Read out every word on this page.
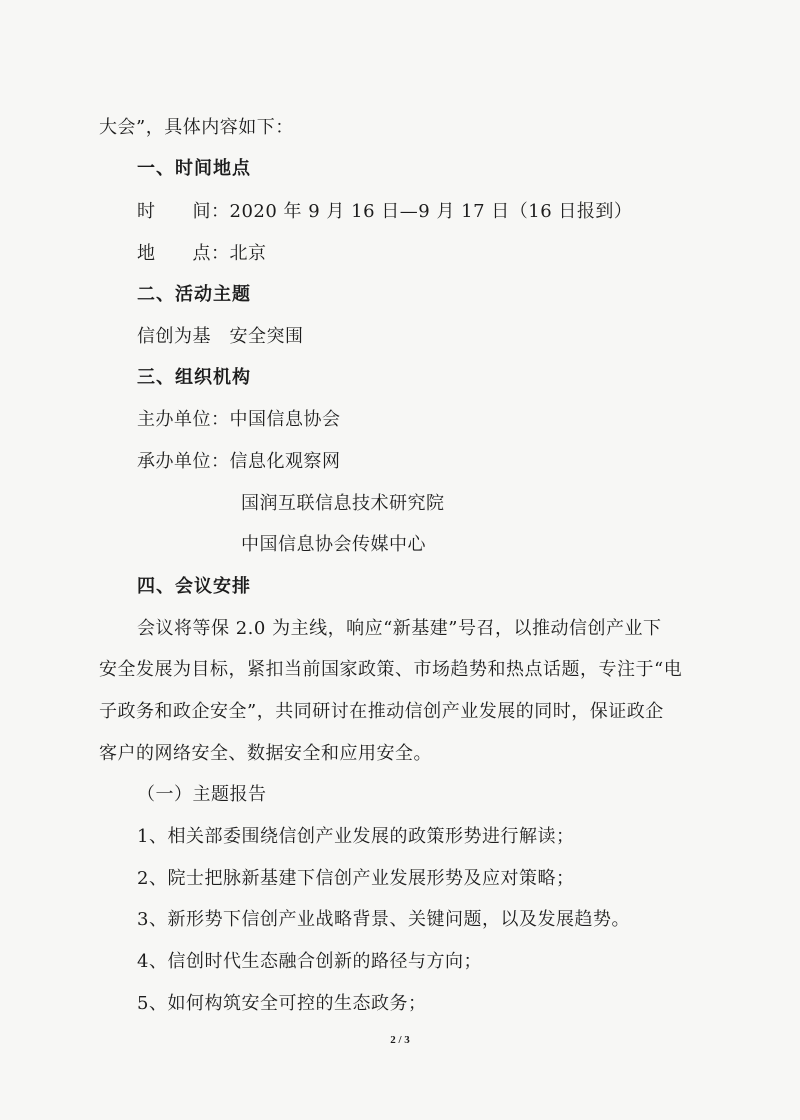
大会”，具体内容如下：
一、时间地点
时　　间：2020 年 9 月 16 日—9 月 17 日（16 日报到）
地　　点：北京
二、活动主题
信创为基　安全突围
三、组织机构
主办单位：中国信息协会
承办单位：信息化观察网
国润互联信息技术研究院
中国信息协会传媒中心
四、会议安排
会议将等保 2.0 为主线，响应“新基建”号召，以推动信创产业下
安全发展为目标，紧扣当前国家政策、市场趋势和热点话题，专注于“电
子政务和政企安全”，共同研讨在推动信创产业发展的同时，保证政企
客户的网络安全、数据安全和应用安全。
（一）主题报告
1、相关部委围绕信创产业发展的政策形势进行解读；
2、院士把脉新基建下信创产业发展形势及应对策略；
3、新形势下信创产业战略背景、关键问题，以及发展趋势。
4、信创时代生态融合创新的路径与方向；
5、如何构筑安全可控的生态政务；
2 / 3
